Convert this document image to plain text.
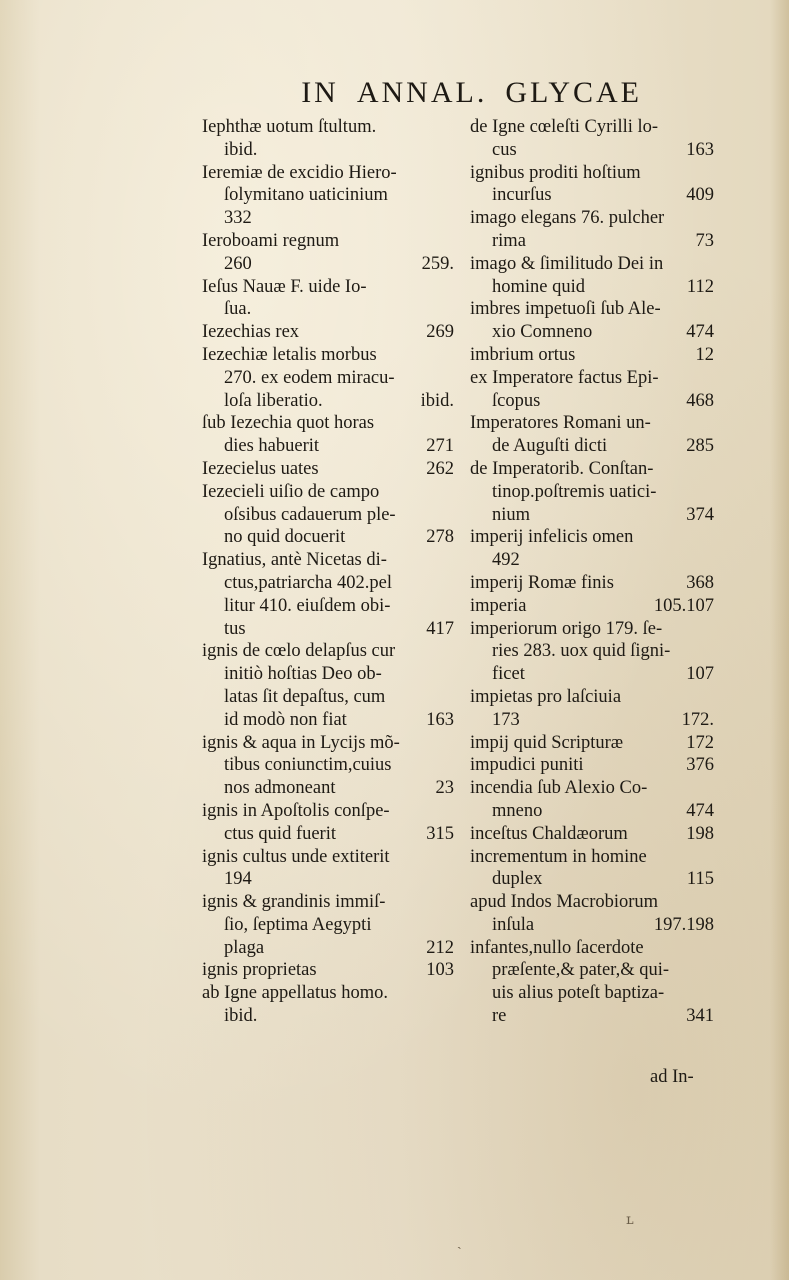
IN ANNAL. GLYCAE
Iephthæ uotum ſtultum.
ibid.
Ieremiæ de excidio Hiero-
ſolymitano uaticinium
332
Ieroboami regnum
260	259.
Ieſus Nauæ F. uide Io-
ſua.
Iezechias rex	269
Iezechiæ letalis morbus
270. ex eodem miracu-
loſa liberatio.	ibid.
ſub Iezechia quot horas
dies habuerit	271
Iezecielus uates	262
Iezecieli uiſio de campo
oſsibus cadauerum ple-
no quid docuerit	278
Ignatius, antè Nicetas di-
ctus,patriarcha 402.pel
litur 410. eiuſdem obi-
tus	417
ignis de cœlo delapſus cur
initiò hoſtias Deo ob-
latas ſit depaſtus, cum
id modò non fiat	163
ignis & aqua in Lycijs mõ-
tibus coniunctim,cuius
nos admoneant	23
ignis in Apoſtolis conſpe-
ctus quid fuerit	315
ignis cultus unde extiterit
194
ignis & grandinis immiſ-
ſio, ſeptima Aegypti
plaga	212
ignis proprietas	103
ab Igne appellatus homo.
ibid.
de Igne cœleſti Cyrilli lo-
cus	163
ignibus proditi hoſtium
incurſus	409
imago elegans 76. pulcher
rima	73
imago & ſimilitudo Dei in
homine quid	112
imbres impetuoſi ſub Ale-
xio Comneno	474
imbrium ortus	12
ex Imperatore factus Epi-
ſcopus	468
Imperatores Romani un-
de Auguſti dicti	285
de Imperatorib. Conſtan-
tinop.poſtremis uatici-
nium	374
imperij infelicis omen
492
imperij Romæ finis	368
imperia	105.107
imperiorum origo 179. ſe-
ries 283. uox quid ſigni-
ficet	107
impietas pro laſciuia
173	172.
impij quid Scripturæ	172
impudici puniti	376
incendia ſub Alexio Co-
mneno	474
inceſtus Chaldæorum	198
incrementum in homine
duplex	115
apud Indos Macrobiorum
inſula	197.198
infantes,nullo ſacerdote
præſente,& pater,& qui-
uis alius poteſt baptiza-
re	341
ad In-
ʟ
ˎ
